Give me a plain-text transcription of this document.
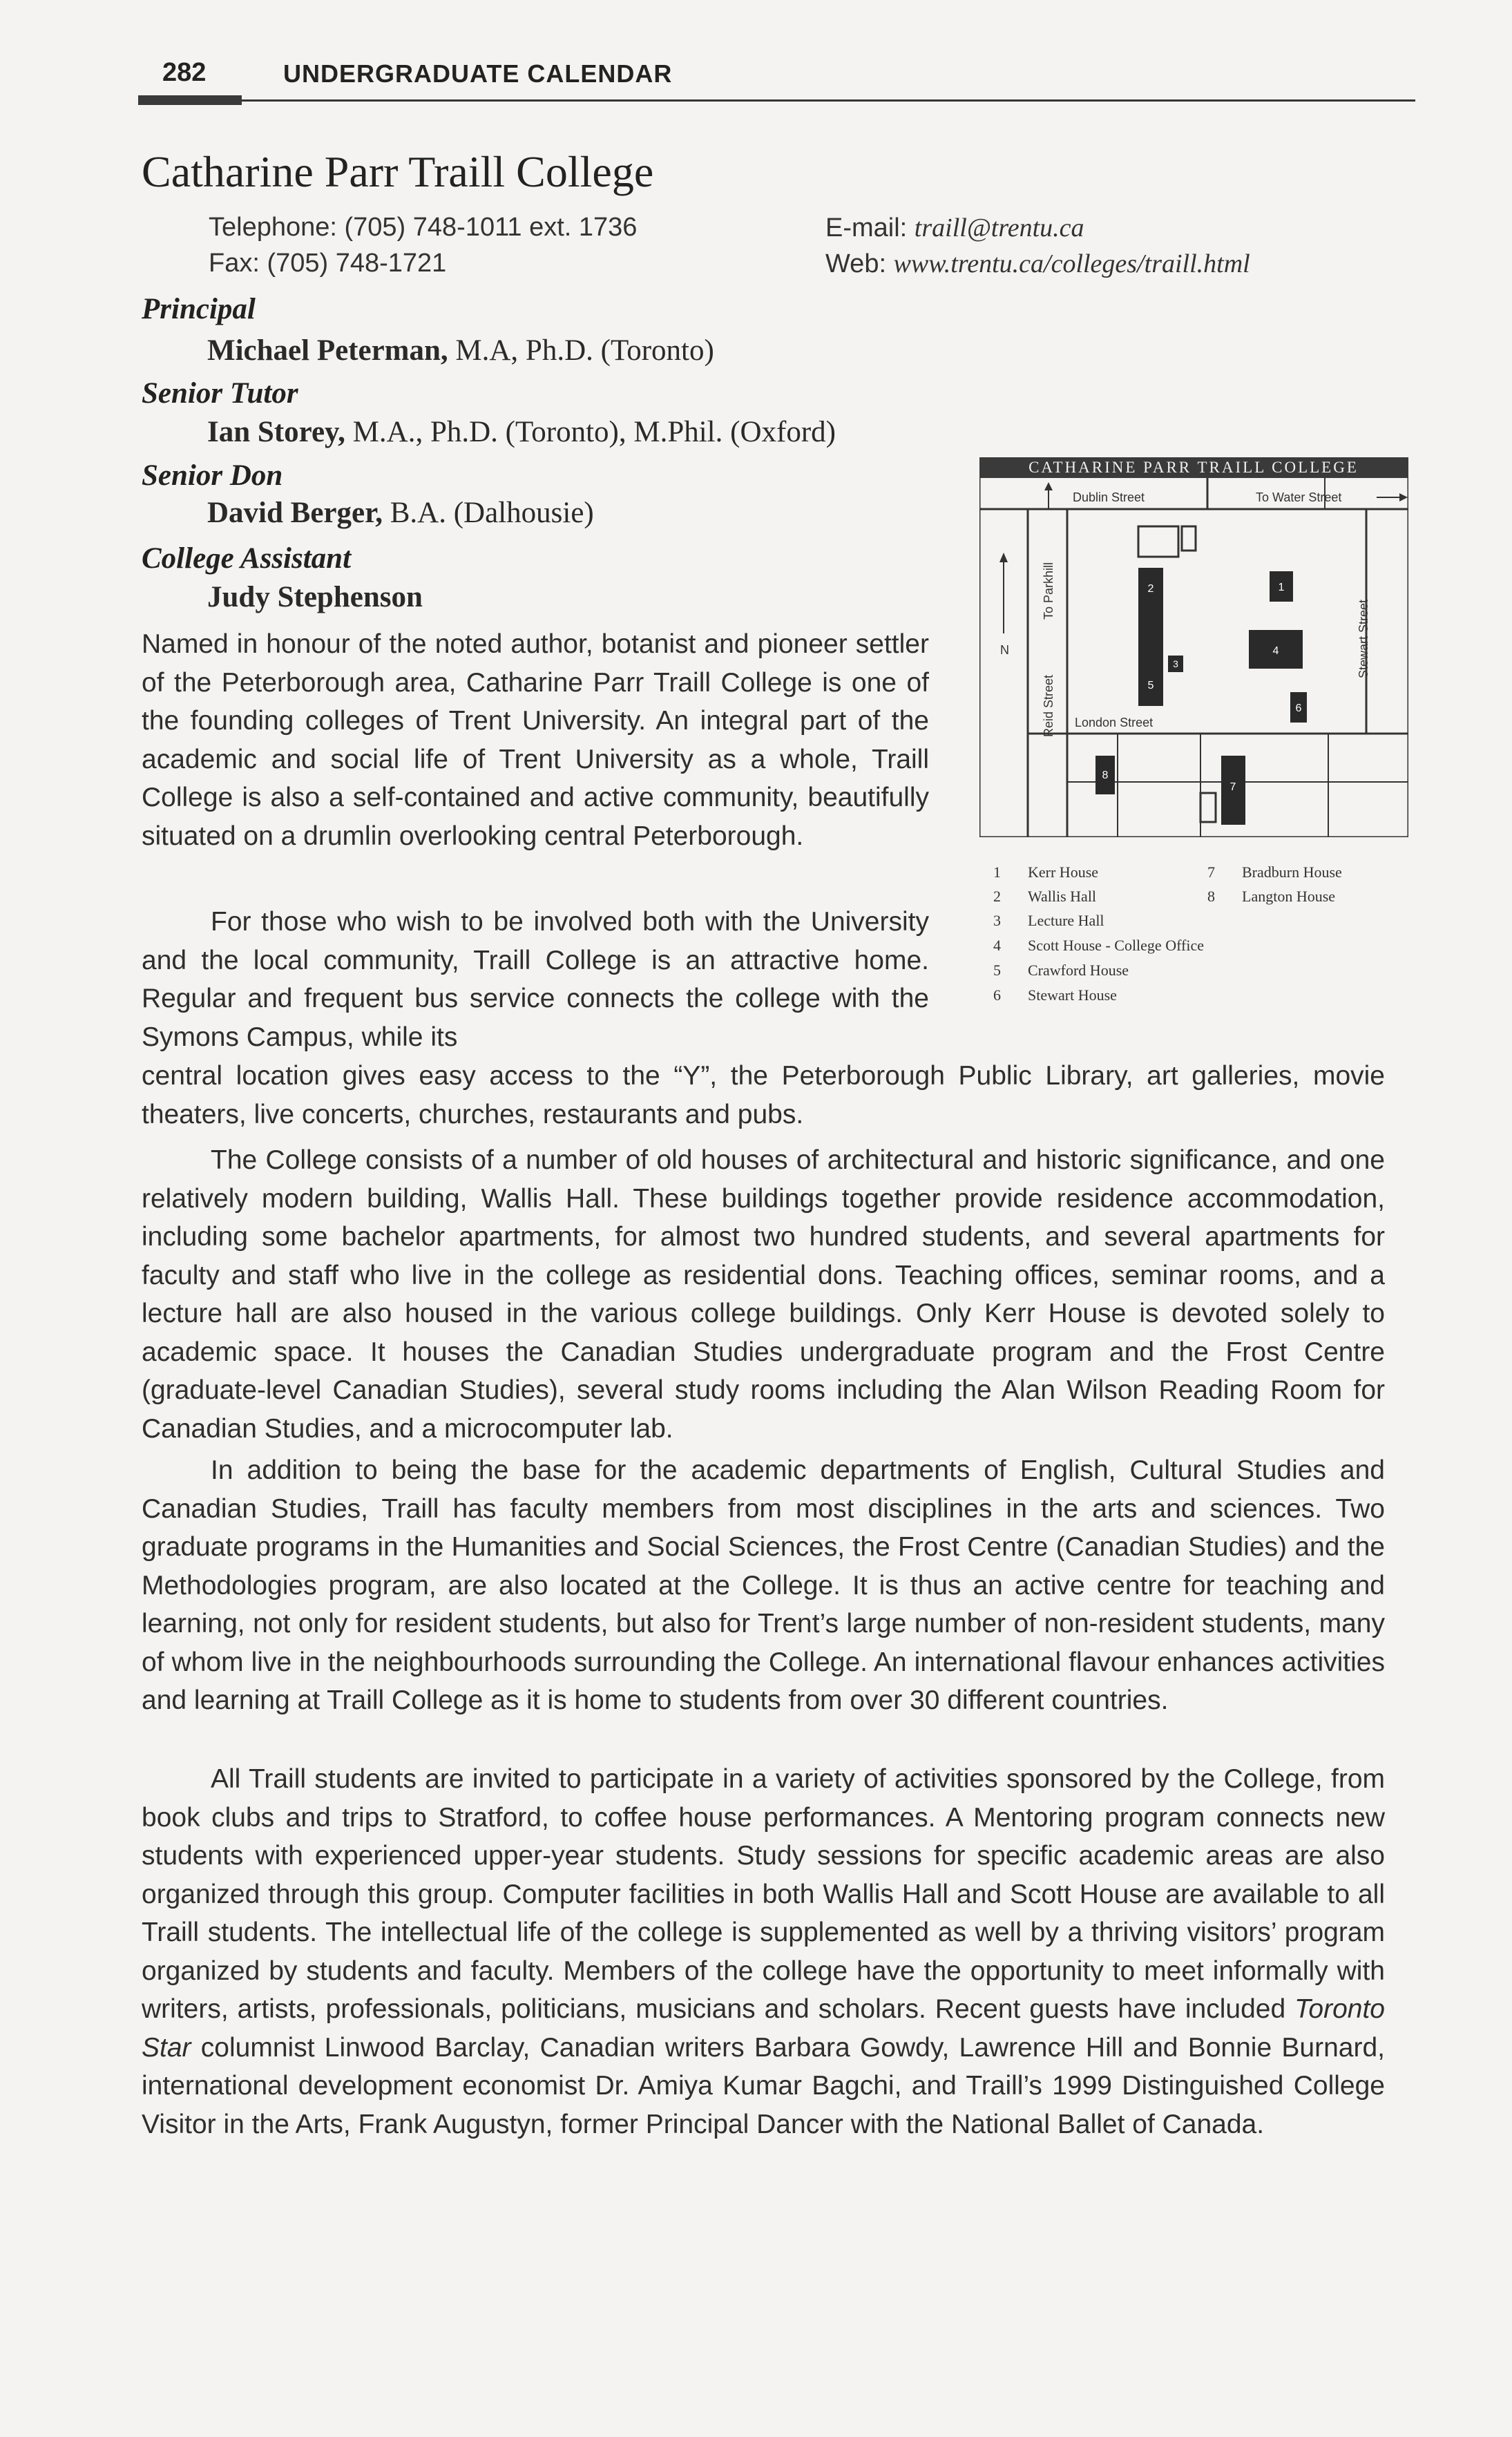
282	UNDERGRADUATE CALENDAR
Catharine Parr Traill College
Telephone: (705) 748-1011 ext. 1736
Fax: (705) 748-1721
E-mail: traill@trentu.ca
Web: www.trentu.ca/colleges/traill.html
Principal
Michael Peterman, M.A, Ph.D. (Toronto)
Senior Tutor
Ian Storey, M.A., Ph.D. (Toronto), M.Phil. (Oxford)
Senior Don
David Berger, B.A. (Dalhousie)
College Assistant
Judy Stephenson
CATHARINE PARR TRAILL COLLEGE
Dublin Street	To Water Street
N
To Parkhill
Reid Street
Stewart Street
London Street
2
5
3
1
4
6
8
7
1 Kerr House
2 Wallis Hall
3 Lecture Hall
4 Scott House - College Office
5 Crawford House
6 Stewart House
7 Bradburn House
8 Langton House

Named in honour of the noted author, botanist and pioneer settler of the Peterborough area, Catharine Parr Traill College is one of the founding colleges of Trent University. An integral part of the academic and social life of Trent University as a whole, Traill College is also a self-contained and active community, beautifully situated on a drumlin overlooking central Peterborough.

For those who wish to be involved both with the University and the local community, Traill College is an attractive home. Regular and frequent bus service connects the college with the Symons Campus, while its

central location gives easy access to the “Y”, the Peterborough Public Library, art galleries, movie theaters, live concerts, churches, restaurants and pubs.

The College consists of a number of old houses of architectural and historic significance, and one relatively modern building, Wallis Hall. These buildings together provide residence accommodation, including some bachelor apartments, for almost two hundred students, and several apartments for faculty and staff who live in the college as residential dons. Teaching offices, seminar rooms, and a lecture hall are also housed in the various college buildings. Only Kerr House is devoted solely to academic space. It houses the Canadian Studies undergraduate program and the Frost Centre (graduate-level Canadian Studies), several study rooms including the Alan Wilson Reading Room for Canadian Studies, and a microcomputer lab.

In addition to being the base for the academic departments of English, Cultural Studies and Canadian Studies, Traill has faculty members from most disciplines in the arts and sciences. Two graduate programs in the Humanities and Social Sciences, the Frost Centre (Canadian Studies) and the Methodologies program, are also located at the College. It is thus an active centre for teaching and learning, not only for resident students, but also for Trent’s large number of non-resident students, many of whom live in the neighbourhoods surrounding the College. An international flavour enhances activities and learning at Traill College as it is home to students from over 30 different countries.

All Traill students are invited to participate in a variety of activities sponsored by the College, from book clubs and trips to Stratford, to coffee house performances. A Mentoring program connects new students with experienced upper-year students. Study sessions for specific academic areas are also organized through this group. Computer facilities in both Wallis Hall and Scott House are available to all Traill students. The intellectual life of the college is supplemented as well by a thriving visitors’ program organized by students and faculty. Members of the college have the opportunity to meet informally with writers, artists, professionals, politicians, musicians and scholars. Recent guests have included Toronto Star columnist Linwood Barclay, Canadian writers Barbara Gowdy, Lawrence Hill and Bonnie Burnard, international development economist Dr. Amiya Kumar Bagchi, and Traill’s 1999 Distinguished College Visitor in the Arts, Frank Augustyn, former Principal Dancer with the National Ballet of Canada.
